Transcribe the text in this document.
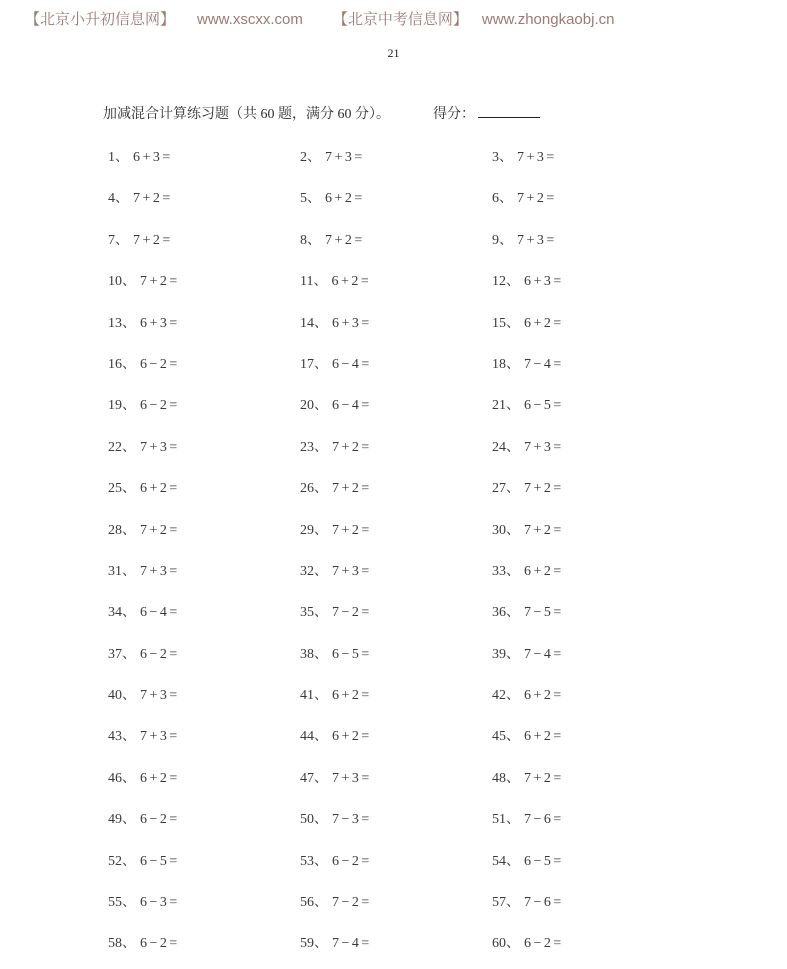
【北京小升初信息网】 www.xscxx.com 【北京中考信息网】 www.zhongkaobj.cn
21
加减混合计算练习题（共 60 题，满分 60 分）。	得分：
1、 6+3=	2、 7+3=	3、 7+3=
4、 7+2=	5、 6+2=	6、 7+2=
7、 7+2=	8、 7+2=	9、 7+3=
10、 7+2=	11、 6+2=	12、 6+3=
13、 6+3=	14、 6+3=	15、 6+2=
16、 6−2=	17、 6−4=	18、 7−4=
19、 6−2=	20、 6−4=	21、 6−5=
22、 7+3=	23、 7+2=	24、 7+3=
25、 6+2=	26、 7+2=	27、 7+2=
28、 7+2=	29、 7+2=	30、 7+2=
31、 7+3=	32、 7+3=	33、 6+2=
34、 6−4=	35、 7−2=	36、 7−5=
37、 6−2=	38、 6−5=	39、 7−4=
40、 7+3=	41、 6+2=	42、 6+2=
43、 7+3=	44、 6+2=	45、 6+2=
46、 6+2=	47、 7+3=	48、 7+2=
49、 6−2=	50、 7−3=	51、 7−6=
52、 6−5=	53、 6−2=	54、 6−5=
55、 6−3=	56、 7−2=	57、 7−6=
58、 6−2=	59、 7−4=	60、 6−2=
